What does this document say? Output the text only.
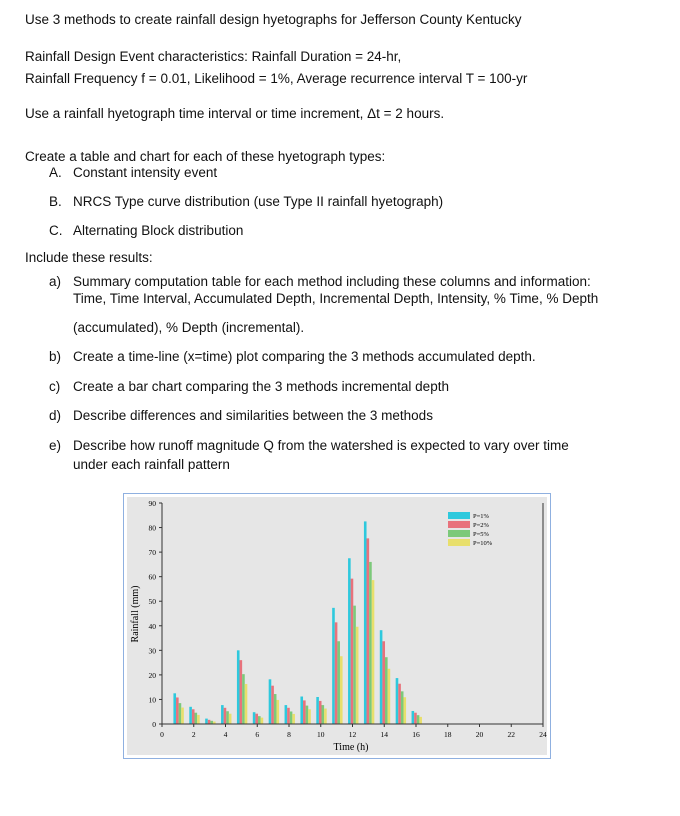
Use 3 methods to create rainfall design hyetographs for Jefferson County Kentucky
Rainfall Design Event characteristics: Rainfall Duration = 24-hr,
Rainfall Frequency f = 0.01, Likelihood = 1%, Average recurrence interval T = 100-yr
Use a rainfall hyetograph time interval or time increment, Δt = 2 hours.
Create a table and chart for each of these hyetograph types:
A. Constant intensity event
B. NRCS Type curve distribution (use Type II rainfall hyetograph)
C. Alternating Block distribution
Include these results:
a) Summary computation table for each method including these columns and information:
Time, Time Interval, Accumulated Depth, Incremental Depth, Intensity, % Time, % Depth
(accumulated), % Depth (incremental).
b) Create a time-line (x=time) plot comparing the 3 methods accumulated depth.
c) Create a bar chart comparing the 3 methods incremental depth
d) Describe differences and similarities between the 3 methods
e) Describe how runoff magnitude Q from the watershed is expected to vary over time
under each rainfall pattern
0
10
20
30
40
50
60
70
80
90
0	2	4	6	8	10	12	14	16	18	20	22	24
Time (h)
Rainfall (mm)
P=1%
P=2%
P=5%
P=10%
